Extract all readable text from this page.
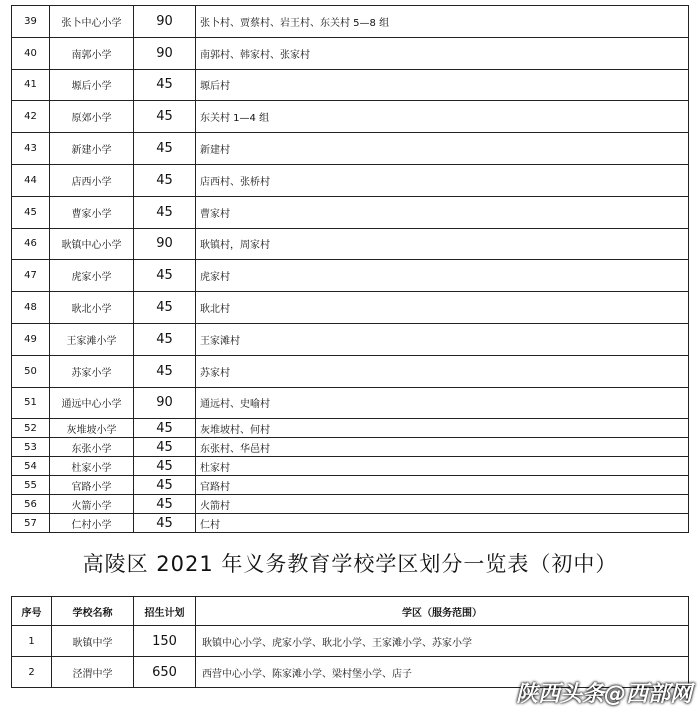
39	张卜中心小学	90	张卜村、贾蔡村、岩王村、东关村 5—8 组
40	南郭小学	90	南郭村、韩家村、张家村
41	塬后小学	45	塬后村
42	原郊小学	45	东关村 1—4 组
43	新建小学	45	新建村
44	店西小学	45	店西村、张桥村
45	曹家小学	45	曹家村
46	耿镇中心小学	90	耿镇村，周家村
47	虎家小学	45	虎家村
48	耿北小学	45	耿北村
49	王家滩小学	45	王家滩村
50	苏家小学	45	苏家村
51	通远中心小学	90	通远村、史喻村
52	灰堆坡小学	45	灰堆坡村、何村
53	东张小学	45	东张村、华邑村
54	杜家小学	45	杜家村
55	官路小学	45	官路村
56	火箭小学	45	火箭村
57	仁村小学	45	仁村
高陵区 2021 年义务教育学校学区划分一览表（初中）
序号	学校名称	招生计划	学区（服务范围）
1	耿镇中学	150	耿镇中心小学、虎家小学、耿北小学、王家滩小学、苏家小学
2	泾渭中学	650	西营中心小学、陈家滩小学、梁村堡小学、店子
陕西头条@西部网
